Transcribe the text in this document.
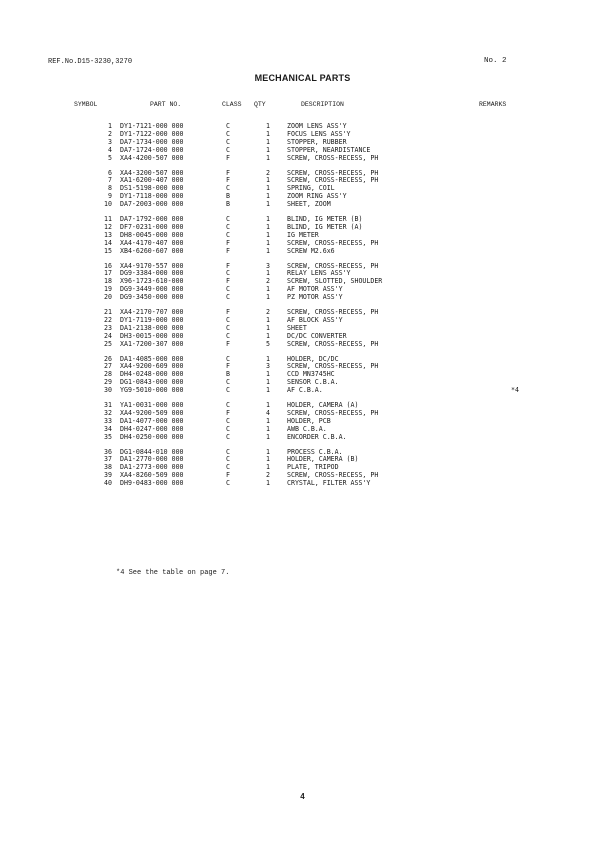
REF.No.D15-3230,3270	No. 2
MECHANICAL PARTS
SYMBOL	PART NO.	CLASS QTY	DESCRIPTION	REMARKS
1 DY1-7121-000 000	C	1	ZOOM LENS ASS'Y
2 DY1-7122-000 000	C	1	FOCUS LENS ASS'Y
3 DA7-1734-000 000	C	1	STOPPER, RUBBER
4 DA7-1724-000 000	C	1	STOPPER, NEARDISTANCE
5 XA4-4200-507 000	F	1	SCREW, CROSS-RECESS, PH
6 XA4-3200-507 000	F	2	SCREW, CROSS-RECESS, PH
7 XA1-6200-407 000	F	1	SCREW, CROSS-RECESS, PH
8 DS1-5198-000 000	C	1	SPRING, COIL
9 DY1-7118-000 000	B	1	ZOOM RING ASS'Y
10 DA7-2003-000 000	B	1	SHEET, ZOOM
11 DA7-1792-000 000	C	1	BLIND, IG METER (B)
12 DF7-0231-000 000	C	1	BLIND, IG METER (A)
13 DH8-0045-000 000	C	1	IG METER
14 XA4-4170-407 000	F	1	SCREW, CROSS-RECESS, PH
15 XB4-6260-607 000	F	1	SCREW M2.6x6
16 XA4-9170-557 000	F	3	SCREW, CROSS-RECESS, PH
17 DG9-3384-000 000	C	1	RELAY LENS ASS'Y
18 X96-1723-610-000	F	2	SCREW, SLOTTED, SHOULDER
19 DG9-3449-000 000	C	1	AF MOTOR ASS'Y
20 DG9-3450-000 000	C	1	PZ MOTOR ASS'Y
21 XA4-2170-707 000	F	2	SCREW, CROSS-RECESS, PH
22 DY1-7119-000 000	C	1	AF BLOCK ASS'Y
23 DA1-2138-000 000	C	1	SHEET
24 DH3-0015-000 000	C	1	DC/DC CONVERTER
25 XA1-7200-307 000	F	5	SCREW, CROSS-RECESS, PH
26 DA1-4085-000 000	C	1	HOLDER, DC/DC
27 XA4-9200-609 000	F	3	SCREW, CROSS-RECESS, PH
28 DH4-0248-000 000	B	1	CCD MN3745HC
29 DG1-0843-000 000	C	1	SENSOR C.B.A.
30 YG9-5010-000 000	C	1	AF C.B.A.	*4
31 YA1-0031-000 000	C	1	HOLDER, CAMERA (A)
32 XA4-9200-509 000	F	4	SCREW, CROSS-RECESS, PH
33 DA1-4077-000 000	C	1	HOLDER, PCB
34 DH4-0247-000 000	C	1	AWB C.B.A.
35 DH4-0250-000 000	C	1	ENCORDER C.B.A.
36 DG1-0844-010 000	C	1	PROCESS C.B.A.
37 DA1-2770-000 000	C	1	HOLDER, CAMERA (B)
38 DA1-2773-000 000	C	1	PLATE, TRIPOD
39 XA4-8260-509 000	F	2	SCREW, CROSS-RECESS, PH
40 DH9-0483-000 000	C	1	CRYSTAL, FILTER ASS'Y
*4 See the table on page 7.
4
